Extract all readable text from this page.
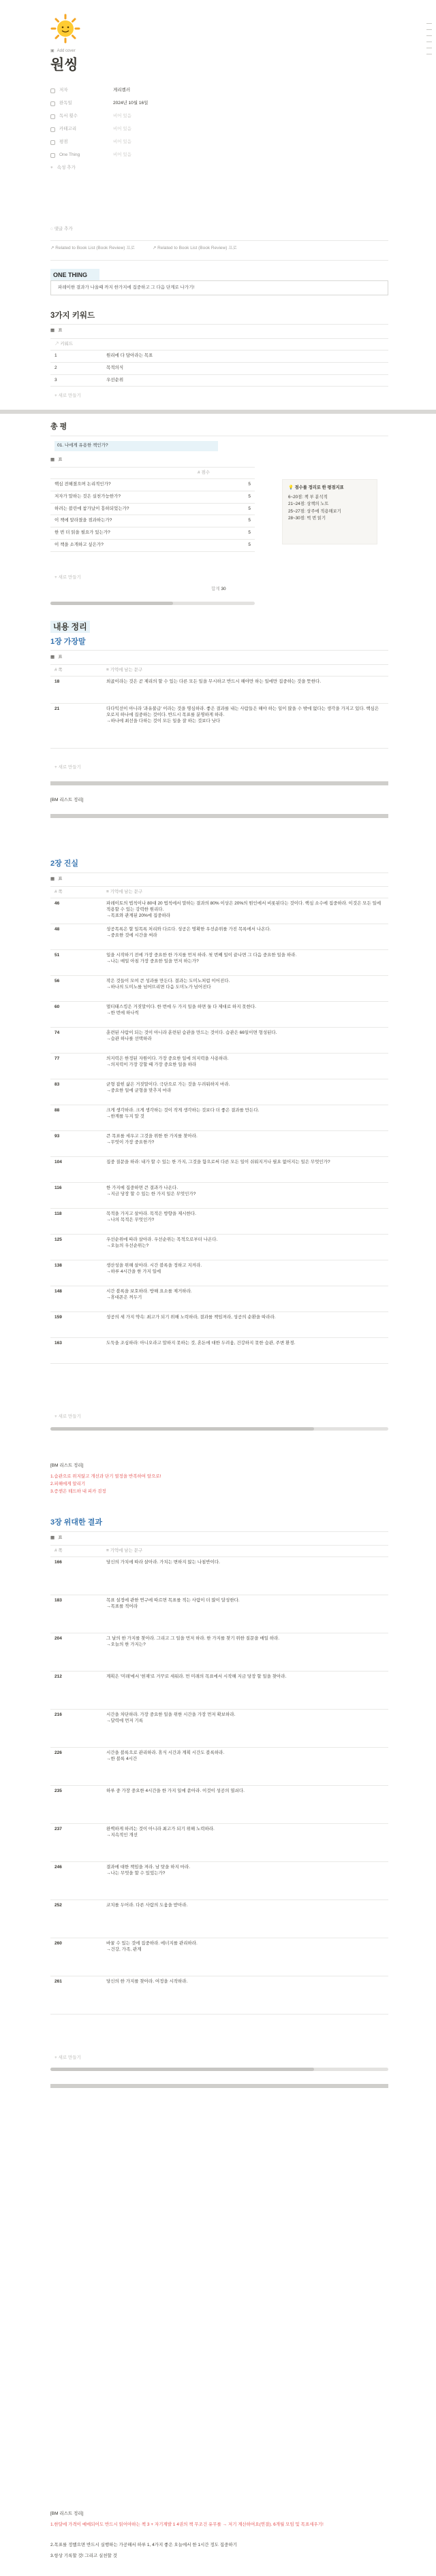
▣ Add cover
원씽
저자	게리켈러
완독일	2024년 10월 16일
독서 횟수	비어 있음
카테고리	비어 있음
평점	비어 있음
One Thing	비어 있음
+ 속성 추가
◌ 댓글 추가
↗ Related to Book List (Book Review) 프로	↗ Related to Book List (Book Review) 프로
ONE THING
파레이한 결과가 나올때 까지 한가지에 집중하고 그 다음 단계로 나가기!
3가지 키워드
▦ 표
↗ 키워드	
1	원리에 다 담아라는 목표
2	목적의식
3	우선순위
+ 새로 만들기
총 평
01. 나에게 유용한 책인가?
▦ 표
	# 점수
핵심 전해졌으며 논리적인가?	5
저자가 말하는 것은 실천가능한가?	5
하려는 블린에 참가났이 흥하되었는가?	5
이 책에 알라졌을 점과하는가?	5
한 번 더 읽을 필요가 있는가?	5
이 책을 소개하고 싶은가?	5
+ 새로 만들기
합계 30
💡 점수를 정리로 한 평점지표
6~20점: 책 부 분석적
21~24점: 상책의 노트
25~27점: 상주에 적용해보기
28~30점: 벅 번 읽기
내용 정리
1장 가장말
▦ 표
# 쪽	≡ 기억에 남는 문구
18	외곬이라는 것은 곧 제리의 할 수 있는 다른 모든 일을 무시하고 반드시 해야만 하는 일에만 집중하는 것을 뜻한다.
21	다다익선이 아니라 '과유불급' 이라는 것을 명심하라. 좋은 결과를 내는 사람들은 해야 하는 일이 많을 수 밖에 없다는 생각을 가지고 있다. 핵심은 오로지 하나에 집중하는 것이다. 반드시 목표를 분명하게 하라.
→하나에 최선을 다하는 것이 모든 일을 잘 하는 것보다 낫다
+ 새로 만들기
[BM 리스트 정리]
2장 진실
▦ 표
# 쪽	≡ 기억에 남는 문구
46	파레이토의 법칙이나 80대 20 법칙에서 말하는 결과의 80% 이상은 20%의 원인에서 비롯된다는 것이다. 핵심 소수에 집중하라. 이것은 모든 일에 적용할 수 있는 강력한 원리다.
→목표와 관계된 20%에 집중하라
48	성공목록은 할 일목록 처리와 다르다. 성공은 명확한 우선순위를 가진 목록에서 나온다.
→중요한 것에 시간을 써라
51	일을 시작하기 전에 가장 중요한 한 가지를 먼저 하라. 첫 번째 일이 끝나면 그 다음 중요한 일을 하라.
→나는 매일 아침 가장 중요한 일을 먼저 하는가?
56	작은 것들이 모여 큰 성과를 만든다. 결과는 도미노처럼 이어진다.
→하나의 도미노를 넘어뜨리면 다음 도미노가 넘어진다
60	멀티태스킹은 거짓말이다. 한 번에 두 가지 일을 하면 둘 다 제대로 하지 못한다.
→한 번에 하나씩
74	훈련된 사람이 되는 것이 아니라 훈련된 습관을 만드는 것이다. 습관은 66일이면 형성된다.
→습관 하나를 선택하라
77	의지력은 한정된 자원이다. 가장 중요한 일에 의지력을 사용하라.
→의지력이 가장 강할 때 가장 중요한 일을 하라
83	균형 잡힌 삶은 거짓말이다. 극단으로 가는 것을 두려워하지 마라.
→중요한 일에 균형을 맞추지 마라
88	크게 생각하라. 크게 생각하는 것이 작게 생각하는 것보다 더 좋은 결과를 만든다.
→한계를 두지 말 것
93	큰 목표를 세우고 그것을 위한 한 가지를 찾아라.
→무엇이 가장 중요한가?
104	집중 질문을 하라: 내가 할 수 있는 한 가지, 그것을 함으로써 다른 모든 일이 쉬워지거나 필요 없어지는 일은 무엇인가?
116	한 가지에 집중하면 큰 결과가 나온다.
→지금 당장 할 수 있는 한 가지 일은 무엇인가?
118	목적을 가지고 살아라. 목적은 방향을 제시한다.
→나의 목적은 무엇인가?
125	우선순위에 따라 살아라. 우선순위는 목적으로부터 나온다.
→오늘의 우선순위는?
138	생산성을 위해 살아라. 시간 블록을 정하고 지켜라.
→하루 4시간을 한 가지 일에
148	시간 블록을 보호하라. 방해 요소를 제거하라.
→휴대폰은 꺼두기
159	성공의 세 가지 약속: 최고가 되기 위해 노력하라, 결과를 책임져라, 성공의 순환을 따라라.
163	도둑을 조심하라: 아니오라고 말하지 못하는 것, 혼돈에 대한 두려움, 건강하지 못한 습관, 주변 환경.
+ 새로 만들기
[BM 리스트 정리]
1.습관으로 위지않고 개선과 단기 열정을 반복하여 알으로!
2.피해에게 알리기
3.증샌은 테드하 내 피카 검정
3장 위대한 결과
▦ 표
# 쪽	≡ 기억에 남는 문구
166	당신의 가치에 따라 살아라. 가치는 변하지 않는 나침반이다.
183	목표 설정에 관한 연구에 따르면 목표를 적는 사람이 더 많이 달성한다.
→목표를 적어라
204	그 날의 한 가지를 찾아라. 그리고 그 일을 먼저 하라. 한 가지를 찾기 위한 질문을 매일 하라.
→오늘의 한 가지는?
212	계획은 '미래'에서 '현재'로 거꾸로 세워라. 먼 미래의 목표에서 시작해 지금 당장 할 일을 찾아라.
216	시간을 차단하라. 가장 중요한 일을 위한 시간을 가장 먼저 확보하라.
→달력에 먼저 기록
226	시간을 블록으로 관리하라. 휴식 시간과 계획 시간도 블록하라.
→한 블록 4시간
235	하루 중 가장 중요한 4시간을 한 가지 일에 쏟아라. 이것이 성공의 열쇠다.
237	완벽하게 하려는 것이 아니라 최고가 되기 위해 노력하라.
→지속적인 개선
246	결과에 대한 책임을 져라. 남 탓을 하지 마라.
→나는 무엇을 할 수 있었는가?
252	코치를 두어라. 다른 사람의 도움을 받아라.
260	바꿀 수 있는 것에 집중하라. 에너지를 관리하라.
→건강, 가족, 관계
261	당신의 한 가지를 찾아라. 여정을 시작하라.
+ 새로 만들기
[BM 리스트 정리]
1.한달에 가격이 예매되어도 반드시 읽어야하는 책 3 + 자기계발 1 4권의 책 무조건 유무를 → 저기 계산하여요(연결). 6개월 모임 및 목표세우기!
2.목표를 정했으면 반드시 실행하는 가공해서 하루 1, 4가지 좋은 오늘에서 한 1시간 정도 집중하기
3.항상 기록할 것! 그리고 실천할 것
